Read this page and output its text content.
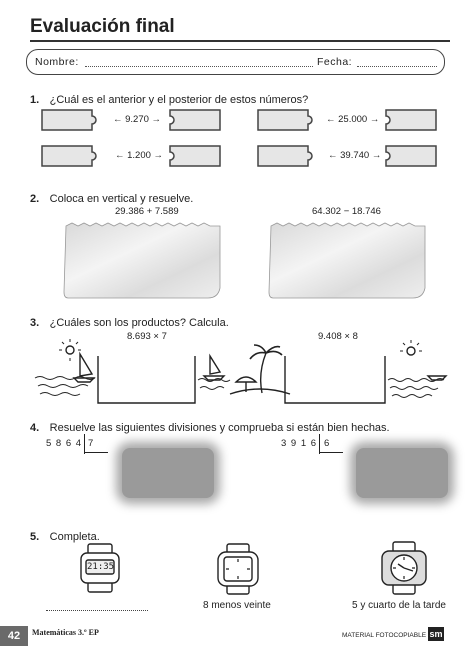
Evaluación final
Nombre:	Fecha:
1. ¿Cuál es el anterior y el posterior de estos números?
← 9.270 →	← 25.000 →
← 1.200 →	← 39.740 →
2. Coloca en vertical y resuelve.
29.386 + 7.589	64.302 − 18.746
3. ¿Cuáles son los productos? Calcula.
8.693 × 7	9.408 × 8
4. Resuelve las siguientes divisiones y comprueba si están bien hechas.
5 8 6 4 7	3 9 1 6 6
5. Completa.
21:35
8 menos veinte	5 y cuarto de la tarde
42	Matemáticas 3.º EP	MATERIAL FOTOCOPIABLE sm
